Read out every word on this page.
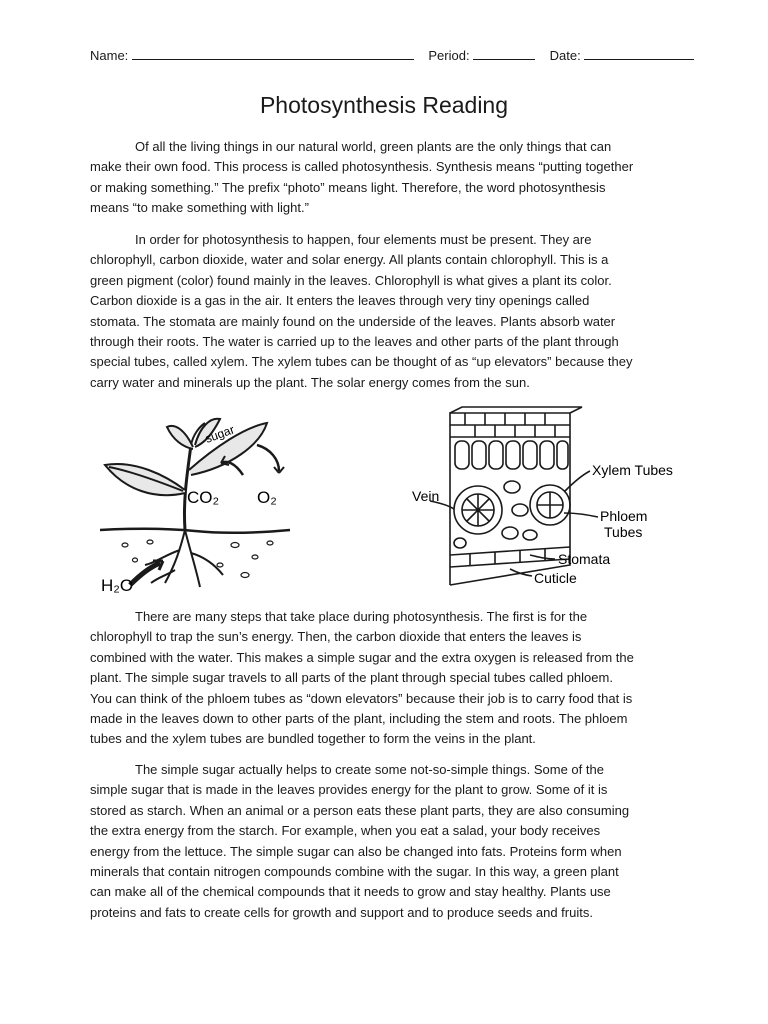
Name:	Period:	Date:
Photosynthesis Reading

Of all the living things in our natural world, green plants are the only things that can
make their own food. This process is called photosynthesis. Synthesis means “putting together
or making something.” The prefix “photo” means light. Therefore, the word photosynthesis
means “to make something with light.”

In order for photosynthesis to happen, four elements must be present. They are
chlorophyll, carbon dioxide, water and solar energy. All plants contain chlorophyll. This is a
green pigment (color) found mainly in the leaves. Chlorophyll is what gives a plant its color.
Carbon dioxide is a gas in the air. It enters the leaves through very tiny openings called
stomata. The stomata are mainly found on the underside of the leaves. Plants absorb water
through their roots. The water is carried up to the leaves and other parts of the plant through
special tubes, called xylem. The xylem tubes can be thought of as “up elevators” because they
carry water and minerals up the plant. The solar energy comes from the sun.

sugar
CO₂ O₂
H₂O
Vein
Xylem Tubes
Phloem
Tubes
Stomata
Cuticle

There are many steps that take place during photosynthesis. The first is for the
chlorophyll to trap the sun’s energy. Then, the carbon dioxide that enters the leaves is
combined with the water. This makes a simple sugar and the extra oxygen is released from the
plant. The simple sugar travels to all parts of the plant through special tubes called phloem.
You can think of the phloem tubes as “down elevators” because their job is to carry food that is
made in the leaves down to other parts of the plant, including the stem and roots. The phloem
tubes and the xylem tubes are bundled together to form the veins in the plant.

The simple sugar actually helps to create some not-so-simple things. Some of the
simple sugar that is made in the leaves provides energy for the plant to grow. Some of it is
stored as starch. When an animal or a person eats these plant parts, they are also consuming
the extra energy from the starch. For example, when you eat a salad, your body receives
energy from the lettuce. The simple sugar can also be changed into fats. Proteins form when
minerals that contain nitrogen compounds combine with the sugar. In this way, a green plant
can make all of the chemical compounds that it needs to grow and stay healthy. Plants use
proteins and fats to create cells for growth and support and to produce seeds and fruits.
